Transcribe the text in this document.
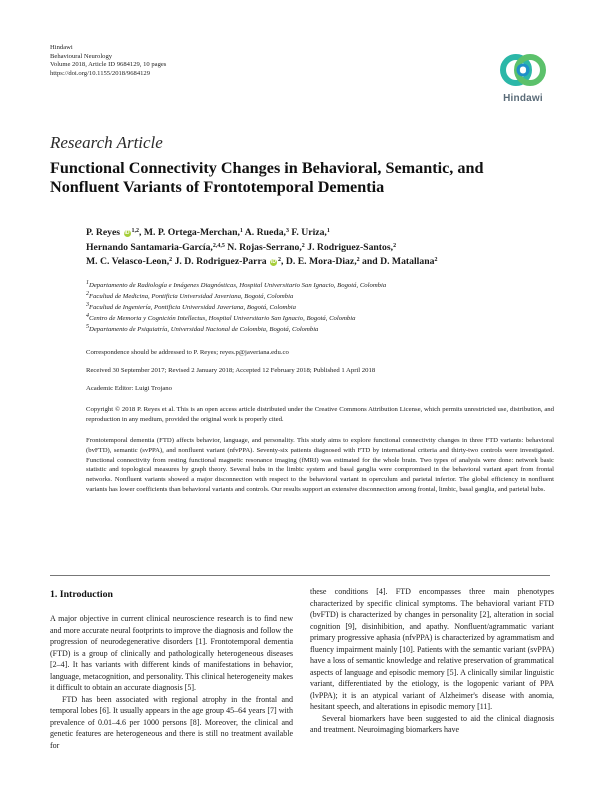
Hindawi
Behavioural Neurology
Volume 2018, Article ID 9684129, 10 pages
https://doi.org/10.1155/2018/9684129
Hindawi
Research Article
Functional Connectivity Changes in Behavioral, Semantic, and
Nonfluent Variants of Frontotemporal Dementia
P. Reyes iD $^{1,2}$, M. P. Ortega-Merchan,$^1$ A. Rueda,$^3$ F. Uriza,$^1$
Hernando Santamaria-García,$^{2,4,5}$ N. Rojas-Serrano,$^2$ J. Rodriguez-Santos,$^2$
M. C. Velasco-Leon,$^2$ J. D. Rodriguez-Parra iD $^2$, D. E. Mora-Diaz,$^2$ and D. Matallana$^2$
$^1$Departamento de Radiología e Imágenes Diagnósticas, Hospital Universitario San Ignacio, Bogotá, Colombia
$^2$Facultad de Medicina, Pontificia Universidad Javeriana, Bogotá, Colombia
$^3$Facultad de Ingeniería, Pontificia Universidad Javeriana, Bogotá, Colombia
$^4$Centro de Memoria y Cognición Intellectus, Hospital Universitario San Ignacio, Bogotá, Colombia
$^5$Departamento de Psiquiatría, Universidad Nacional de Colombia, Bogotá, Colombia
Correspondence should be addressed to P. Reyes; reyes.p@javeriana.edu.co
Received 30 September 2017; Revised 2 January 2018; Accepted 12 February 2018; Published 1 April 2018
Academic Editor: Luigi Trojano
Copyright © 2018 P. Reyes et al. This is an open access article distributed under the Creative Commons Attribution License, which permits unrestricted use, distribution, and reproduction in any medium, provided the original work is properly cited.
Frontotemporal dementia (FTD) affects behavior, language, and personality. This study aims to explore functional connectivity changes in three FTD variants: behavioral (bvFTD), semantic (svPPA), and nonfluent variant (nfvPPA). Seventy-six patients diagnosed with FTD by international criteria and thirty-two controls were investigated. Functional connectivity from resting functional magnetic resonance imaging (fMRI) was estimated for the whole brain. Two types of analysis were done: network basic statistic and topological measures by graph theory. Several hubs in the limbic system and basal ganglia were compromised in the behavioral variant apart from frontal networks. Nonfluent variants showed a major disconnection with respect to the behavioral variant in operculum and parietal inferior. The global efficiency in nonfluent variants has lower coefficients than behavioral variants and controls. Our results support an extensive disconnection among frontal, limbic, basal ganglia, and parietal hubs.
1. Introduction

A major objective in current clinical neuroscience research is to find new and more accurate neural footprints to improve the diagnosis and follow the progression of neurodegenerative disorders [1]. Frontotemporal dementia (FTD) is a group of clinically and pathologically heterogeneous diseases [2–4]. It has variants with different kinds of manifestations in behavior, language, metacognition, and personality. This clinical heterogeneity makes it difficult to obtain an accurate diagnosis [5].

FTD has been associated with regional atrophy in the frontal and temporal lobes [6]. It usually appears in the age group 45–64 years [7] with prevalence of 0.01–4.6 per 1000 persons [8]. Moreover, the clinical and genetic features are heterogeneous and there is still no treatment available for

these conditions [4]. FTD encompasses three main phenotypes characterized by specific clinical symptoms. The behavioral variant FTD (bvFTD) is characterized by changes in personality [2], alteration in social cognition [9], disinhibition, and apathy. Nonfluent/agrammatic variant primary progressive aphasia (nfvPPA) is characterized by agrammatism and fluency impairment mainly [10]. Patients with the semantic variant (svPPA) have a loss of semantic knowledge and relative preservation of grammatical aspects of language and episodic memory [5]. A clinically similar linguistic variant, differentiated by the etiology, is the logopenic variant of PPA (lvPPA); it is an atypical variant of Alzheimer's disease with anomia, hesitant speech, and alterations in episodic memory [11].

Several biomarkers have been suggested to aid the clinical diagnosis and treatment. Neuroimaging biomarkers have
